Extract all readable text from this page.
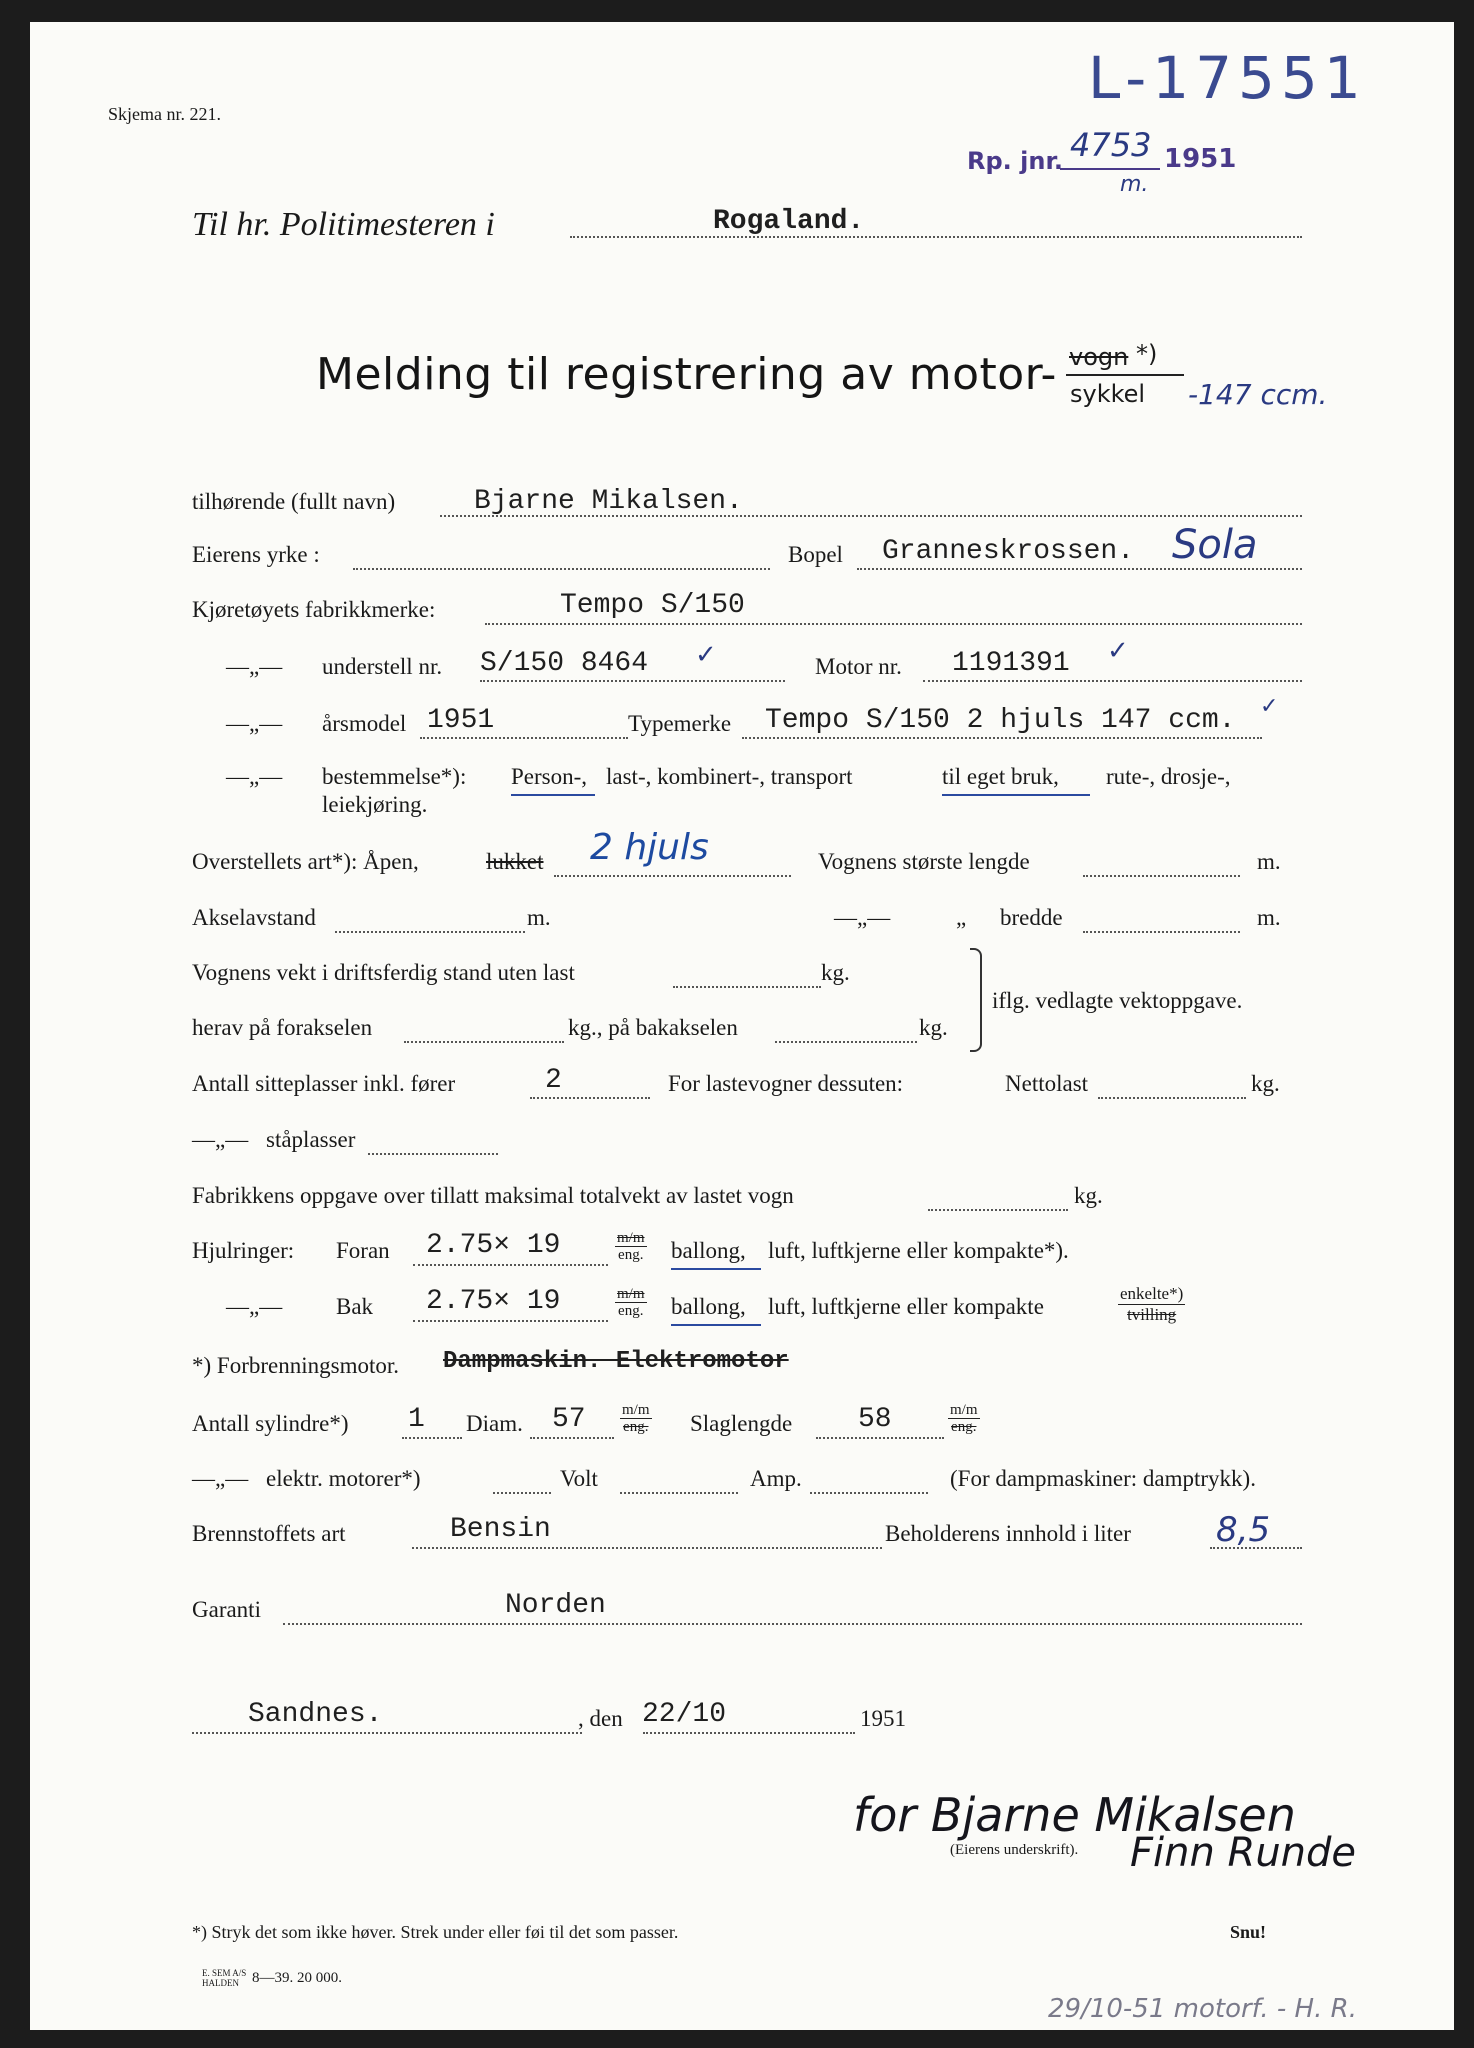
L-17551
Skjema nr. 221.
Rp. jnr. 4753 1951
m.
Til hr. Politimesteren i	Rogaland.
Melding til registrering av motor- vogn *)
sykkel -147 ccm.
tilhørende (fullt navn)	Bjarne Mikalsen.
Eierens yrke :	Bopel Granneskrossen. Sola
Kjøretøyets fabrikkmerke:	Tempo S/150
—„— understell nr. S/150 8464 ✓	Motor nr. 1191391 ✓
—„— årsmodel 1951	Typemerke Tempo S/150 2 hjuls 147 ccm. ✓
—„— bestemmelse*): Person-, last-, kombinert-, transport	til eget bruk, rute-, drosje-,
leiekjøring.
Overstellets art*): Åpen,	lukket 2 hjuls	Vognens største lengde	m.
Akselavstand	m.	—„—	„ bredde	m.
Vognens vekt i driftsferdig stand uten last	kg.
herav på forakselen	kg., på bakakselen	kg.
iflg. vedlagte vektoppgave.
Antall sitteplasser inkl. fører	2	For lastevogner dessuten:	Nettolast	kg.
—„— ståplasser
Fabrikkens oppgave over tillatt maksimal totalvekt av lastet vogn	kg.
Hjulringer: Foran 2.75× 19	m/m
eng. ballong, luft, luftkjerne eller kompakte*).
—„— Bak 2.75× 19	m/m
eng. ballong, luft, luftkjerne eller kompakte
enkelte*)
tvilling
*) Forbrenningsmotor. Dampmaskin. Elektromotor
Antall sylindre*) 1 Diam. 57 m/m
eng. Slaglengde 58	m/m
eng.
—„— elektr. motorer*)	Volt	Amp.	(For dampmaskiner: damptrykk).
Brennstoffets art	Bensin	Beholderens innhold i liter	8,5
Garanti	Norden
Sandnes.	, den 22/10	1951
for Bjarne Mikalsen
(Eierens underskrift). Finn Runde
*) Stryk det som ikke høver. Strek under eller føi til det som passer.	Snu!
E. SEM A/S
HALDEN 8—39. 20 000.
29/10-51 motorf. - H. R.
